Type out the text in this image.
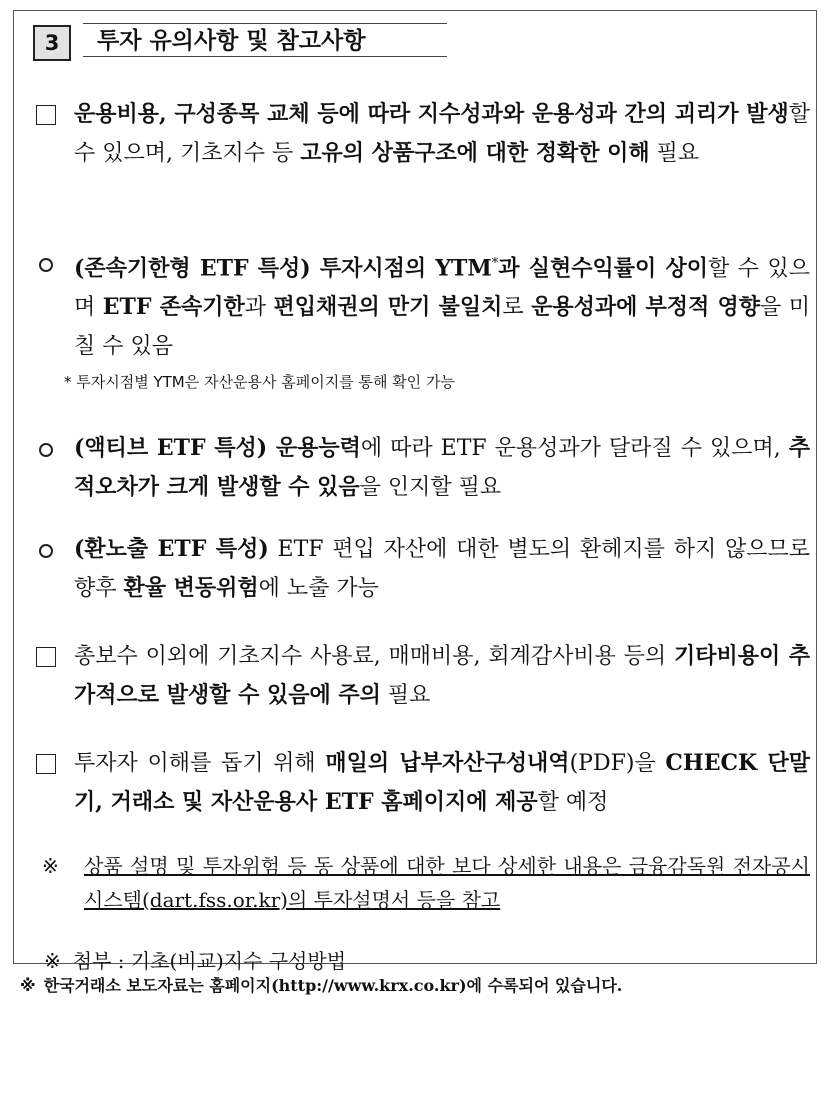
3	투자 유의사항 및 참고사항
운용비용, 구성종목 교체 등에 따라 지수성과와 운용성과 간의 괴리가 발생할 수 있으며, 기초지수 등 고유의 상품구조에 대한 정확한 이해 필요
(존속기한형 ETF 특성) 투자시점의 YTM*과 실현수익률이 상이할 수 있으며 ETF 존속기한과 편입채권의 만기 불일치로 운용성과에 부정적 영향을 미칠 수 있음
* 투자시점별 YTM은 자산운용사 홈페이지를 통해 확인 가능
(액티브 ETF 특성) 운용능력에 따라 ETF 운용성과가 달라질 수 있으며, 추적오차가 크게 발생할 수 있음을 인지할 필요
(환노출 ETF 특성) ETF 편입 자산에 대한 별도의 환헤지를 하지 않으므로 향후 환율 변동위험에 노출 가능
총보수 이외에 기초지수 사용료, 매매비용, 회계감사비용 등의 기타비용이 추가적으로 발생할 수 있음에 주의 필요
투자자 이해를 돕기 위해 매일의 납부자산구성내역(PDF)을 CHECK 단말기, 거래소 및 자산운용사 ETF 홈페이지에 제공할 예정
※ 상품 설명 및 투자위험 등 동 상품에 대한 보다 상세한 내용은 금융감독원 전자공시시스템(dart.fss.or.kr)의 투자설명서 등을 참고
※ 첨부 : 기초(비교)지수 구성방법
※ 한국거래소 보도자료는 홈페이지(http://www.krx.co.kr)에 수록되어 있습니다.
